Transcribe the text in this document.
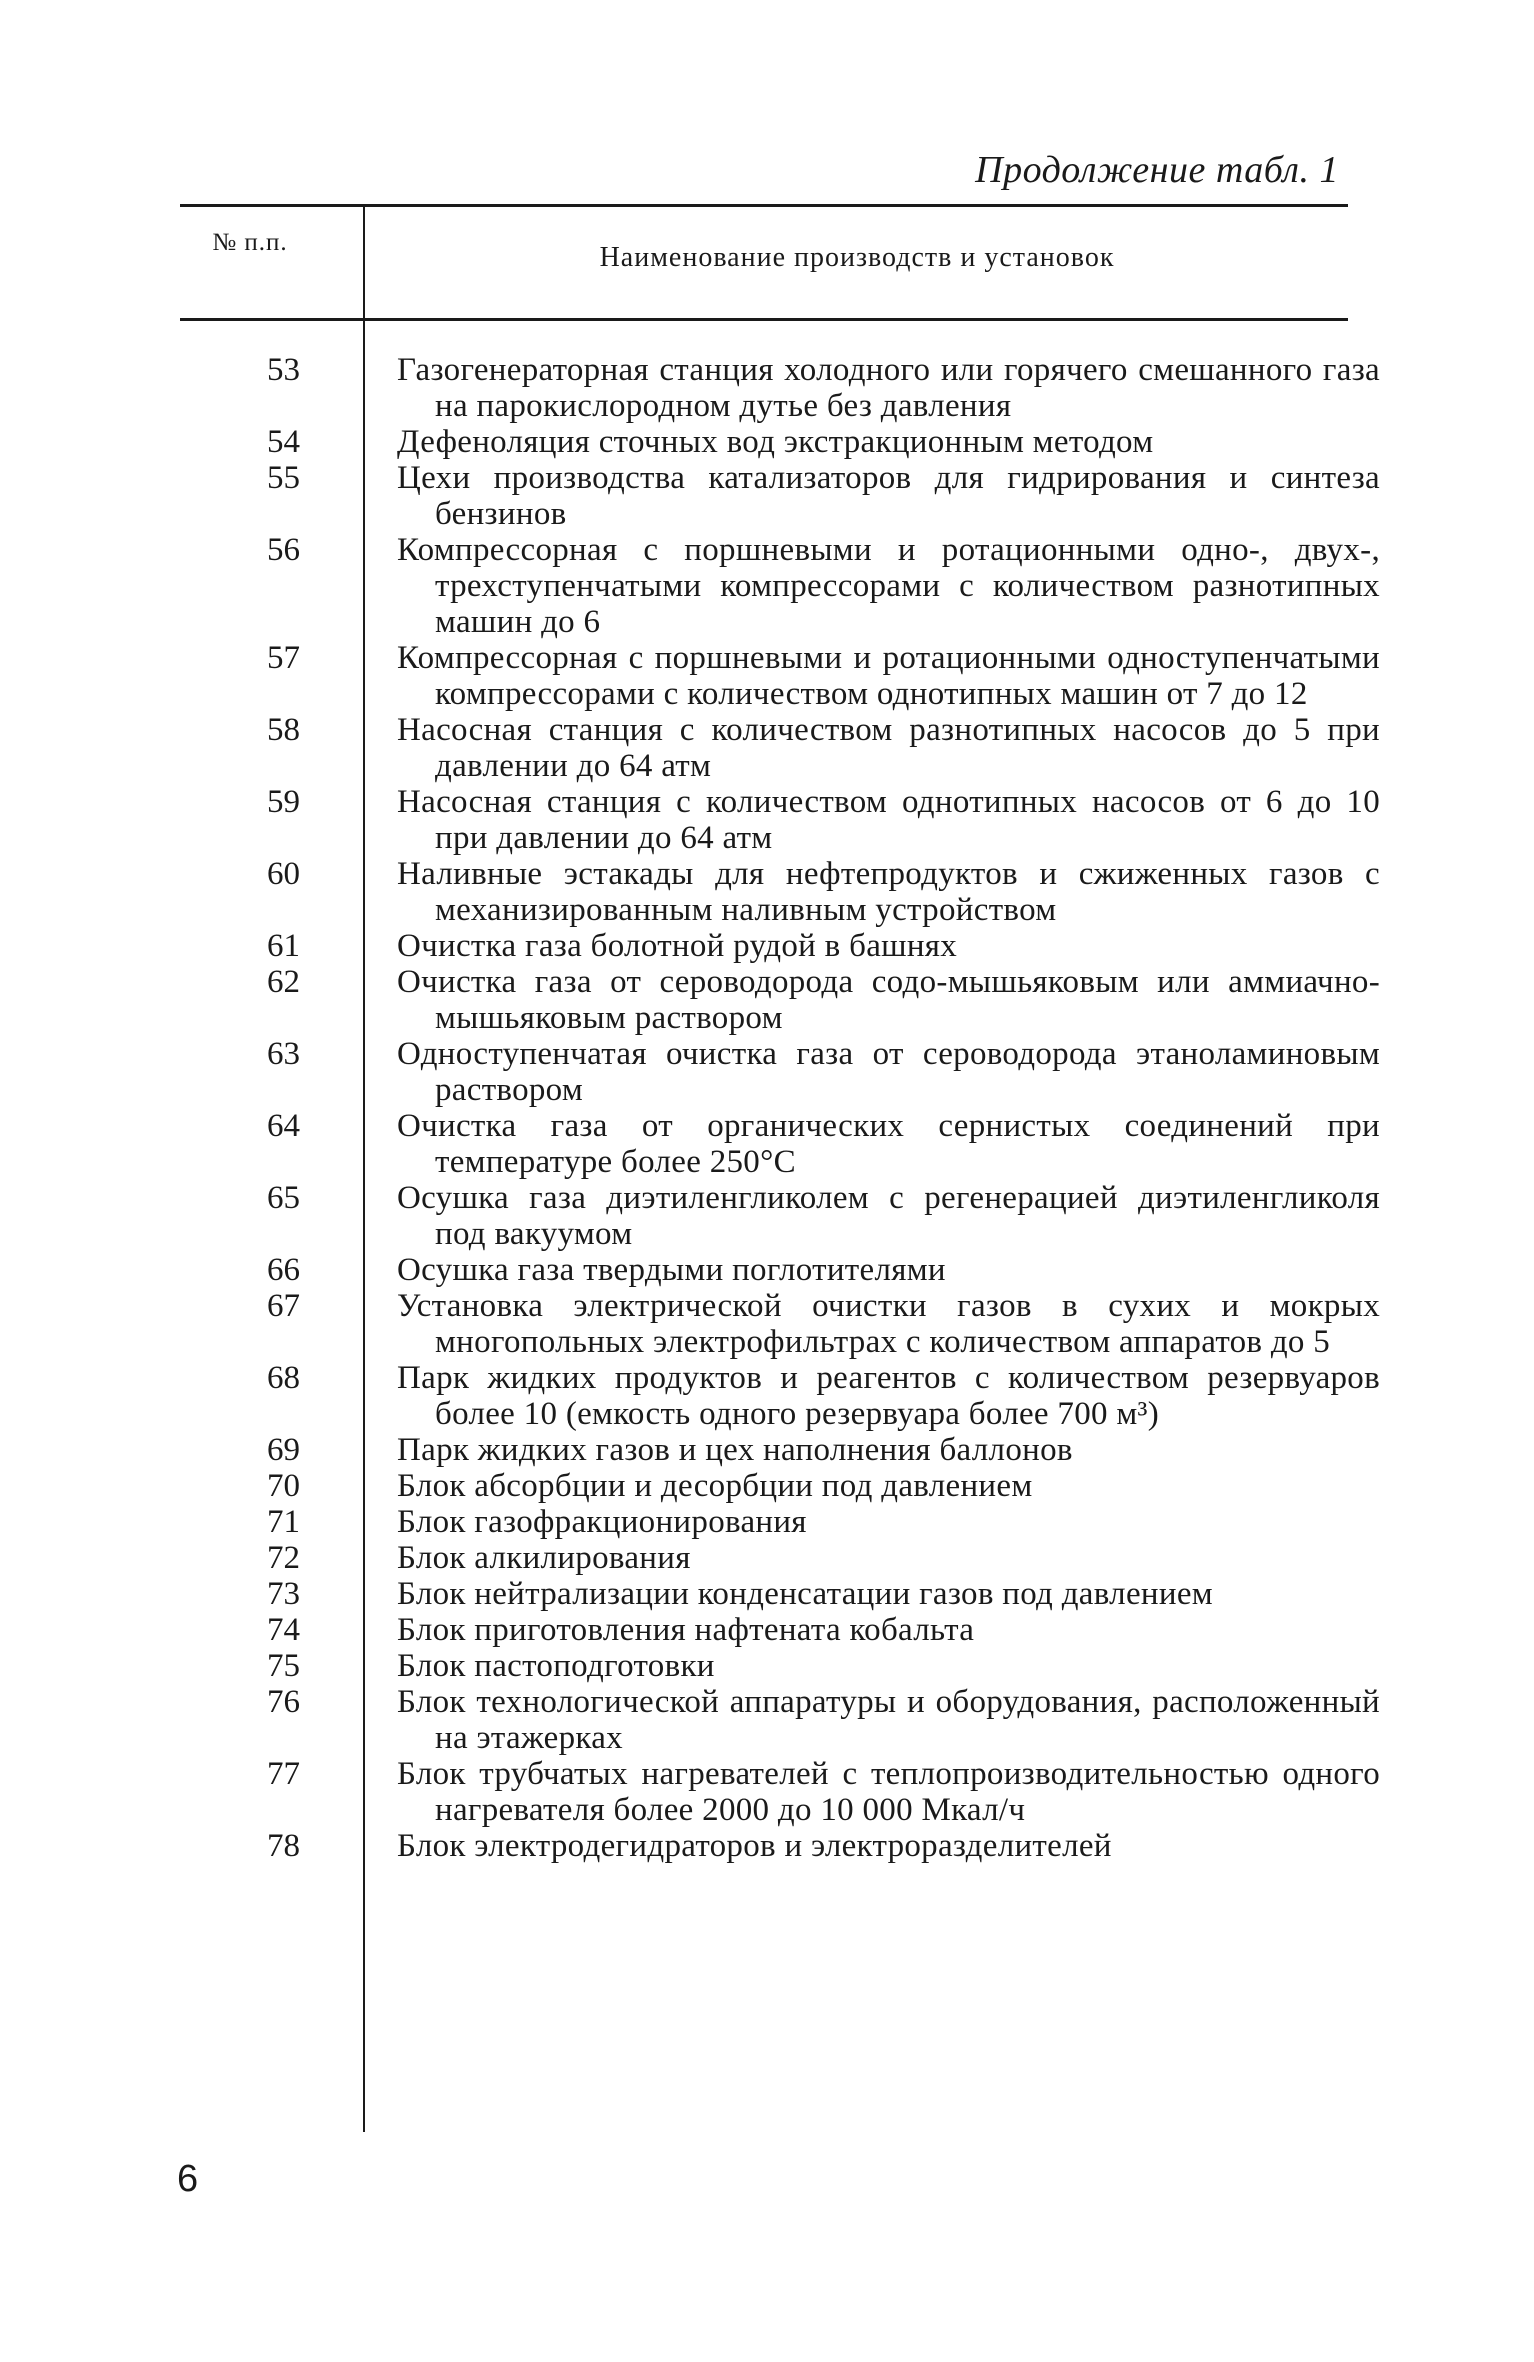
Продолжение табл. 1
№ п.п.	Наименование производств и установок
53	Газогенераторная станция холодного или горячего смешанного газа на парокислородном дутье без давления
54	Дефеноляция сточных вод экстракционным методом
55	Цехи производства катализаторов для гидрирования и синтеза бензинов
56	Компрессорная с поршневыми и ротационными одно-, двух-, трехступенчатыми компрессорами с количеством разнотипных машин до 6
57	Компрессорная с поршневыми и ротационными одноступенчатыми компрессорами с количеством однотипных машин от 7 до 12
58	Насосная станция с количеством разнотипных насосов до 5 при давлении до 64 атм
59	Насосная станция с количеством однотипных насосов от 6 до 10 при давлении до 64 атм
60	Наливные эстакады для нефтепродуктов и сжиженных газов с механизированным наливным устройством
61	Очистка газа болотной рудой в башнях
62	Очистка газа от сероводорода содо-мышьяковым или аммиачно-мышьяковым раствором
63	Одноступенчатая очистка газа от сероводорода этаноламиновым раствором
64	Очистка газа от органических сернистых соединений при температуре более 250°С
65	Осушка газа диэтиленгликолем с регенерацией диэтиленгликоля под вакуумом
66	Осушка газа твердыми поглотителями
67	Установка электрической очистки газов в сухих и мокрых многопольных электрофильтрах с количеством аппаратов до 5
68	Парк жидких продуктов и реагентов с количеством резервуаров более 10 (емкость одного резервуара более 700 м³)
69	Парк жидких газов и цех наполнения баллонов
70	Блок абсорбции и десорбции под давлением
71	Блок газофракционирования
72	Блок алкилирования
73	Блок нейтрализации конденсатации газов под давлением
74	Блок приготовления нафтената кобальта
75	Блок пастоподготовки
76	Блок технологической аппаратуры и оборудования, расположенный на этажерках
77	Блок трубчатых нагревателей с теплопроизводительностью одного нагревателя более 2000 до 10 000 Мкал/ч
78	Блок электродегидраторов и электроразделителей
6
